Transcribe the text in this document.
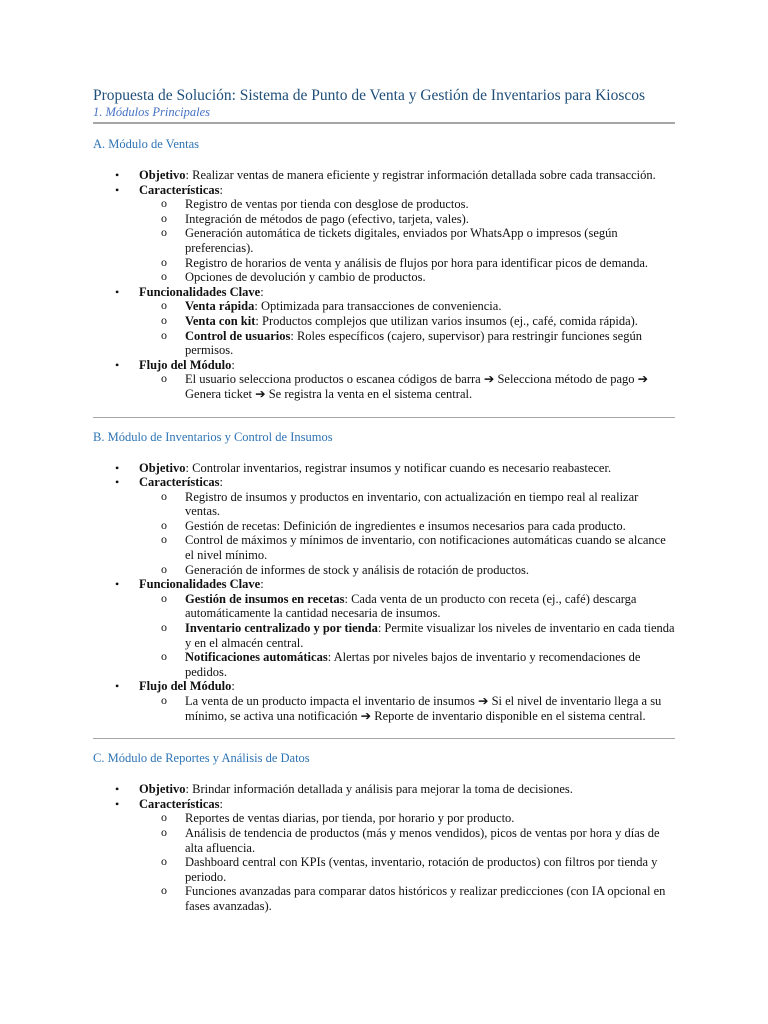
Propuesta de Solución: Sistema de Punto de Venta y Gestión de Inventarios para Kioscos
1. Módulos Principales
A. Módulo de Ventas
• Objetivo: Realizar ventas de manera eficiente y registrar información detallada sobre cada transacción.
• Características:
o Registro de ventas por tienda con desglose de productos.
o Integración de métodos de pago (efectivo, tarjeta, vales).
o Generación automática de tickets digitales, enviados por WhatsApp o impresos (según preferencias).
o Registro de horarios de venta y análisis de flujos por hora para identificar picos de demanda.
o Opciones de devolución y cambio de productos.
• Funcionalidades Clave:
o Venta rápida: Optimizada para transacciones de conveniencia.
o Venta con kit: Productos complejos que utilizan varios insumos (ej., café, comida rápida).
o Control de usuarios: Roles específicos (cajero, supervisor) para restringir funciones según permisos.
• Flujo del Módulo:
o El usuario selecciona productos o escanea códigos de barra ➔ Selecciona método de pago ➔ Genera ticket ➔ Se registra la venta en el sistema central.
B. Módulo de Inventarios y Control de Insumos
• Objetivo: Controlar inventarios, registrar insumos y notificar cuando es necesario reabastecer.
• Características:
o Registro de insumos y productos en inventario, con actualización en tiempo real al realizar ventas.
o Gestión de recetas: Definición de ingredientes e insumos necesarios para cada producto.
o Control de máximos y mínimos de inventario, con notificaciones automáticas cuando se alcance el nivel mínimo.
o Generación de informes de stock y análisis de rotación de productos.
• Funcionalidades Clave:
o Gestión de insumos en recetas: Cada venta de un producto con receta (ej., café) descarga automáticamente la cantidad necesaria de insumos.
o Inventario centralizado y por tienda: Permite visualizar los niveles de inventario en cada tienda y en el almacén central.
o Notificaciones automáticas: Alertas por niveles bajos de inventario y recomendaciones de pedidos.
• Flujo del Módulo:
o La venta de un producto impacta el inventario de insumos ➔ Si el nivel de inventario llega a su mínimo, se activa una notificación ➔ Reporte de inventario disponible en el sistema central.
C. Módulo de Reportes y Análisis de Datos
• Objetivo: Brindar información detallada y análisis para mejorar la toma de decisiones.
• Características:
o Reportes de ventas diarias, por tienda, por horario y por producto.
o Análisis de tendencia de productos (más y menos vendidos), picos de ventas por hora y días de alta afluencia.
o Dashboard central con KPIs (ventas, inventario, rotación de productos) con filtros por tienda y periodo.
o Funciones avanzadas para comparar datos históricos y realizar predicciones (con IA opcional en fases avanzadas).
